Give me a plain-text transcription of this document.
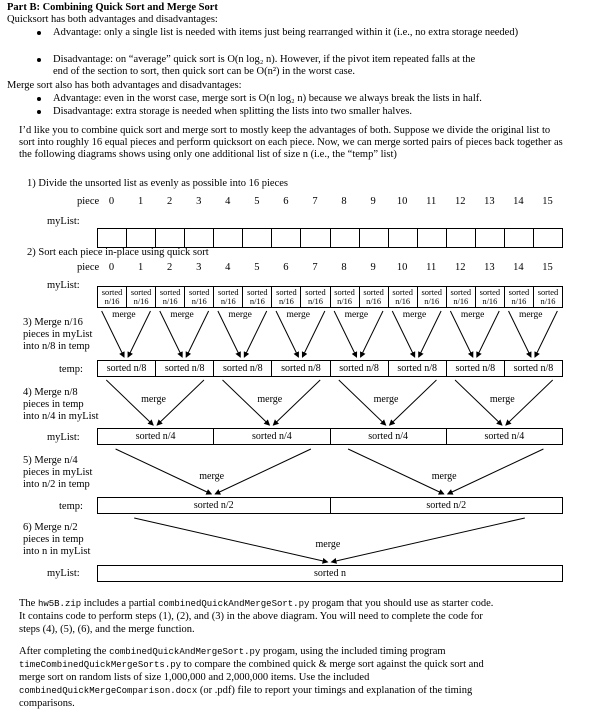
Part B: Combining Quick Sort and Merge Sort
Quicksort has both advantages and disadvantages:
Advantage: only a single list is needed with items just being rearranged within it (i.e., no extra storage needed)
Disadvantage: on “average” quick sort is O(n log₂ n). However, if the pivot item repeated falls at the
end of the section to sort, then quick sort can be O(n²) in the worst case.
Merge sort also has both advantages and disadvantages:
Advantage: even in the worst case, merge sort is O(n log₂ n) because we always break the lists in half.
Disadvantage: extra storage is needed when splitting the lists into two smaller halves.
I’d like you to combine quick sort and merge sort to mostly keep the advantages of both. Suppose we divide the original list to sort into roughly 16 equal pieces and perform quicksort on each piece. Now, we can merge sorted pairs of pieces back together as the following diagrams shows using only one additional list of size n (i.e., the “temp” list)
1) Divide the unsorted list as evenly as possible into 16 pieces
piece 0	1	2	3	4	5	6	7	8	9	10 11 12 13 14 15
myList:
2) Sort each piece in-place using quick sort
piece 0	1	2	3	4	5	6	7	8	9	10 11 12 13 14 15
myList:
sorted
n/16
sorted
n/16
sorted
n/16
sorted
n/16
sorted
n/16
sorted
n/16
sorted
n/16
sorted
n/16
sorted
n/16
sorted
n/16
sorted
n/16
sorted
n/16
sorted
n/16
sorted
n/16
sorted
n/16
sorted
n/16
3) Merge n/16
pieces in myList
into n/8 in temp
temp:	sorted n/8	sorted n/8	sorted n/8	sorted n/8	sorted n/8	sorted n/8	sorted n/8	sorted n/8
4) Merge n/8
pieces in temp
into n/4 in myList
myList:	sorted n/4	sorted n/4	sorted n/4	sorted n/4
5) Merge n/4
pieces in myList
into n/2 in temp
temp:	sorted n/2	sorted n/2
6) Merge n/2
pieces in temp
into n in myList
myList:	sorted n
The hw5B.zip includes a partial combinedQuickAndMergeSort.py progam that you should use as starter code.
It contains code to perform steps (1), (2), and (3) in the above diagram. You will need to complete the code for
steps (4), (5), (6), and the merge function.
After completing the combinedQuickAndMergeSort.py progam, using the included timing program
timeCombinedQuickMergeSorts.py to compare the combined quick & merge sort against the quick sort and
merge sort on random lists of size 1,000,000 and 2,000,000 items. Use the included
combinedQuickMergeComparison.docx (or .pdf) file to report your timings and explanation of the timing
comparisons.
merge	merge	merge	merge	merge	merge	merge	merge
merge	merge	merge	merge
merge	merge
merge
